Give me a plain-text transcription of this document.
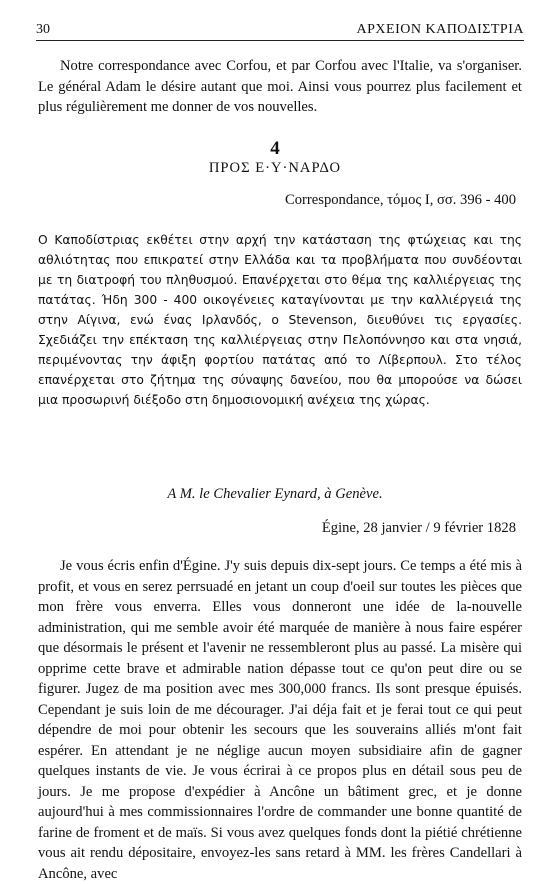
30	ΑΡΧΕΙΟΝ ΚΑΠΟΔΙΣΤΡΙΑ

Notre correspondance avec Corfou, et par Corfou avec l'Italie, va s'organiser. Le général Adam le désire autant que moi. Ainsi vous pourrez plus facilement et plus régulièrement me donner de vos nouvelles.

4
ΠΡΟΣ Ε·Υ·ΝΑΡΔΟ
Correspondance, τόμος I, σσ. 396 - 400

Ο Καποδίστριας εκθέτει στην αρχή την κατάσταση της φτώχειας και της αθλιότητας που επικρατεί στην Ελλάδα και τα προβλήματα που συνδέονται με τη διατροφή του πληθυσμού. Επανέρχεται στο θέμα της καλλιέργειας της πατάτας. Ήδη 300 - 400 οικογένειες καταγίνονται με την καλλιέργειά της στην Αίγινα, ενώ ένας Ιρλανδός, ο Stevenson, διευθύνει τις εργασίες. Σχεδιάζει την επέκταση της καλλιέργειας στην Πελοπόννησο και στα νησιά, περιμένοντας την άφιξη φορτίου πατάτας από το Λίβερπουλ. Στο τέλος επανέρχεται στο ζήτημα της σύναψης δανείου, που θα μπορούσε να δώσει μια προσωρινή διέξοδο στη δημοσιονομική ανέχεια της χώρας.

A M. le Chevalier Eynard, à Genève.
Égine, 28 janvier / 9 février 1828

Je vous écris enfin d'Égine. J'y suis depuis dix-sept jours. Ce temps a été mis à profit, et vous en serez perrsuadé en jetant un coup d'oeil sur toutes les pièces que mon frère vous enverra. Elles vous donneront une idée de la-nouvelle administration, qui me semble avoir été marquée de manière à nous faire espérer que désormais le présent et l'avenir ne ressembleront plus au passé. La misère qui opprime cette brave et admirable nation dépasse tout ce qu'on peut dire ou se figurer. Jugez de ma position avec mes 300,000 francs. Ils sont presque épuisés. Cependant je suis loin de me décourager. J'ai déja fait et je ferai tout ce qui peut dépendre de moi pour obtenir les secours que les souverains alliés m'ont fait espérer. En attendant je ne néglige aucun moyen subsidiaire afin de gagner quelques instants de vie. Je vous écrirai à ce propos plus en détail sous peu de jours. Je me propose d'expédier à Ancône un bâtiment grec, et je donne aujourd'hui à mes commissionnaires l'ordre de commander une bonne quantité de farine de froment et de maïs. Si vous avez quelques fonds dont la piétié chrétienne vous ait rendu dépositaire, envoyez-les sans retard à MM. les frères Candellari à Ancône, avec
